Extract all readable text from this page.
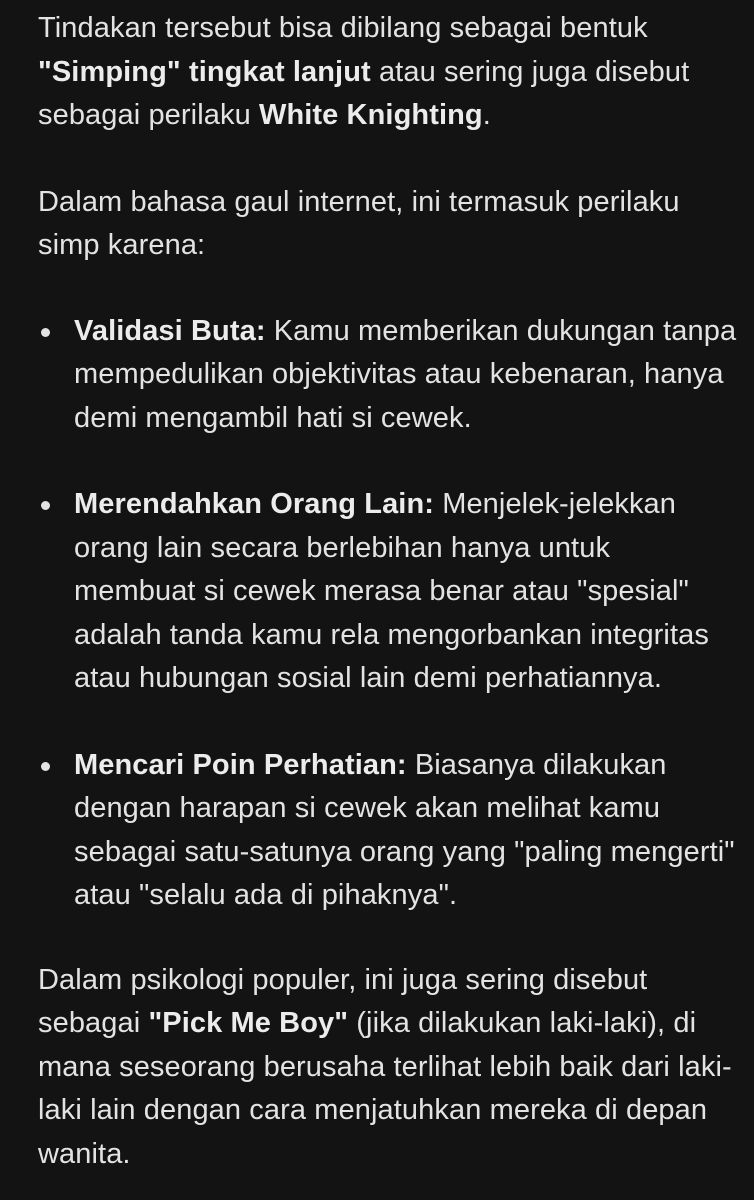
Tindakan tersebut bisa dibilang sebagai bentuk "Simping" tingkat lanjut atau sering juga disebut sebagai perilaku White Knighting.

Dalam bahasa gaul internet, ini termasuk perilaku simp karena:

Validasi Buta: Kamu memberikan dukungan tanpa mempedulikan objektivitas atau kebenaran, hanya demi mengambil hati si cewek.
Merendahkan Orang Lain: Menjelek-jelekkan orang lain secara berlebihan hanya untuk membuat si cewek merasa benar atau "spesial" adalah tanda kamu rela mengorbankan integritas atau hubungan sosial lain demi perhatiannya.
Mencari Poin Perhatian: Biasanya dilakukan dengan harapan si cewek akan melihat kamu sebagai satu-satunya orang yang "paling mengerti" atau "selalu ada di pihaknya".

Dalam psikologi populer, ini juga sering disebut sebagai "Pick Me Boy" (jika dilakukan laki-laki), di mana seseorang berusaha terlihat lebih baik dari laki-laki lain dengan cara menjatuhkan mereka di depan wanita.
